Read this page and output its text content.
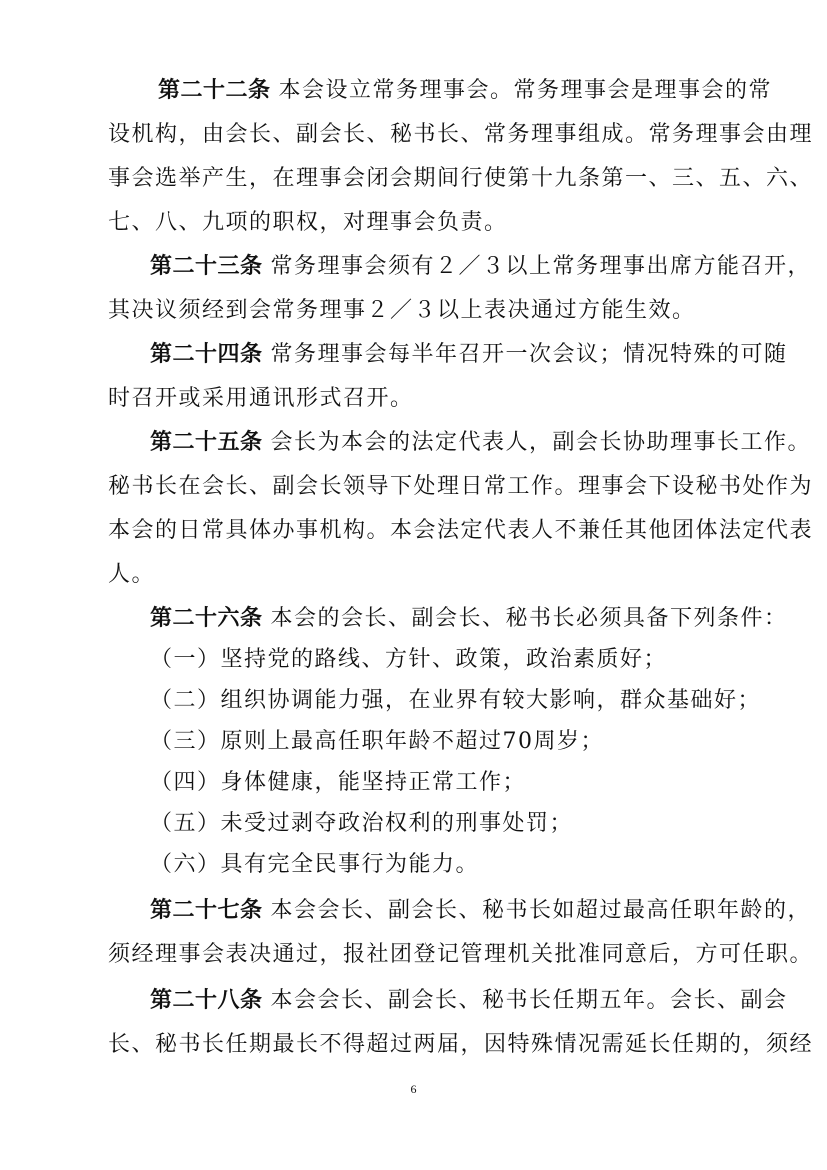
第二十二条 本会设立常务理事会。常务理事会是理事会的常
设机构，由会长、副会长、秘书长、常务理事组成。常务理事会由理
事会选举产生，在理事会闭会期间行使第十九条第一、三、五、六、
七、八、九项的职权，对理事会负责。
第二十三条 常务理事会须有２／３以上常务理事出席方能召开，
其决议须经到会常务理事２／３以上表决通过方能生效。
第二十四条 常务理事会每半年召开一次会议；情况特殊的可随
时召开或采用通讯形式召开。
第二十五条 会长为本会的法定代表人，副会长协助理事长工作。
秘书长在会长、副会长领导下处理日常工作。理事会下设秘书处作为
本会的日常具体办事机构。本会法定代表人不兼任其他团体法定代表
人。
第二十六条 本会的会长、副会长、秘书长必须具备下列条件：
（一）坚持党的路线、方针、政策，政治素质好；
（二）组织协调能力强，在业界有较大影响，群众基础好；
（三）原则上最高任职年龄不超过70周岁；
（四）身体健康，能坚持正常工作；
（五）未受过剥夺政治权利的刑事处罚；
（六）具有完全民事行为能力。
第二十七条 本会会长、副会长、秘书长如超过最高任职年龄的，
须经理事会表决通过，报社团登记管理机关批准同意后，方可任职。
第二十八条 本会会长、副会长、秘书长任期五年。会长、副会
长、秘书长任期最长不得超过两届，因特殊情况需延长任期的，须经
6
